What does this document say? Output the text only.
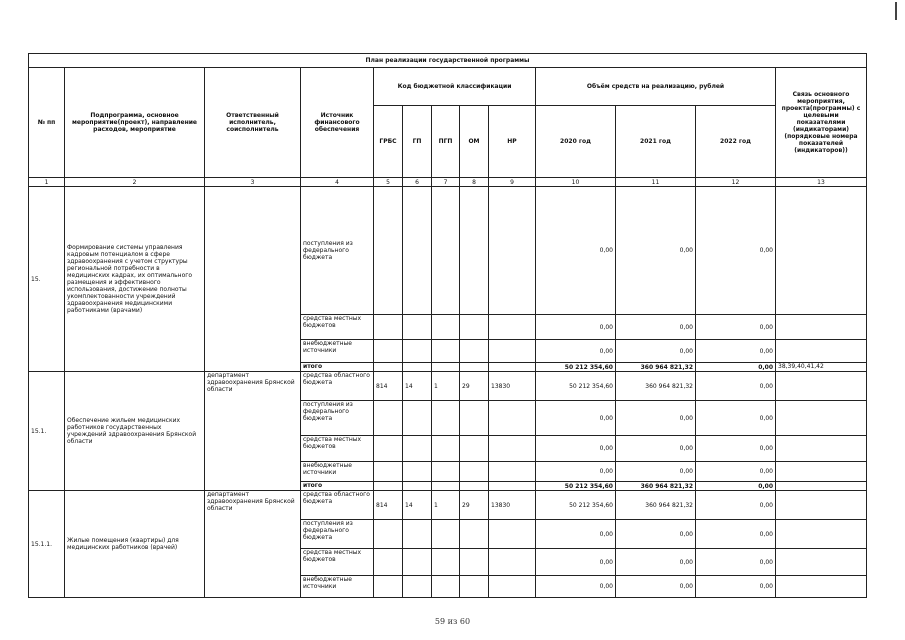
План реализации государственной программы												
№ пп	Подпрограмма, основное мероприятие(проект), направление расходов, мероприятие	Ответственный исполнитель, соисполнитель	Источник финансового обеспечения	Код бюджетной классификации					Объём средств на реализацию, рублей			Связь основного мероприятия, проекта(программы) с целевыми показателями (индикаторами) (порядковые номера показателей (индикаторов))
				ГРБС	ГП	ПГП	ОМ	НР	2020 год	2021 год	2022 год	
1	2	3	4	5	6	7	8	9	10	11	12	13
15.	Формирование системы управления кадровым потенциалом в сфере здравоохранения с учетом структуры региональной потребности в медицинских кадрах, их оптимального размещения и эффективного использования, достижение полноты укомплектованности учреждений здравоохранения медицинскими работниками (врачами)		поступления из федерального бюджета						0,00	0,00	0,00	
			средства местных бюджетов						0,00	0,00	0,00	
			внебюджетные источники						0,00	0,00	0,00	
			итого						50 212 354,60	360 964 821,32	0,00	38,39,40,41,42
15.1.	Обеспечение жильем медицинских работников государственных учреждений здравоохранения Брянской области	департамент здравоохранения Брянской области	средства областного бюджета	814	14	1	29	13830	50 212 354,60	360 964 821,32	0,00	
			поступления из федерального бюджета						0,00	0,00	0,00	
			средства местных бюджетов						0,00	0,00	0,00	
			внебюджетные источники						0,00	0,00	0,00	
			итого						50 212 354,60	360 964 821,32	0,00	
15.1.1.	Жилые помещения (квартиры) для медицинских работников (врачей)	департамент здравоохранения Брянской области	средства областного бюджета	814	14	1	29	13830	50 212 354,60	360 964 821,32	0,00	
			поступления из федерального бюджета						0,00	0,00	0,00	
			средства местных бюджетов						0,00	0,00	0,00	
			внебюджетные источники						0,00	0,00	0,00	
59 из 60
